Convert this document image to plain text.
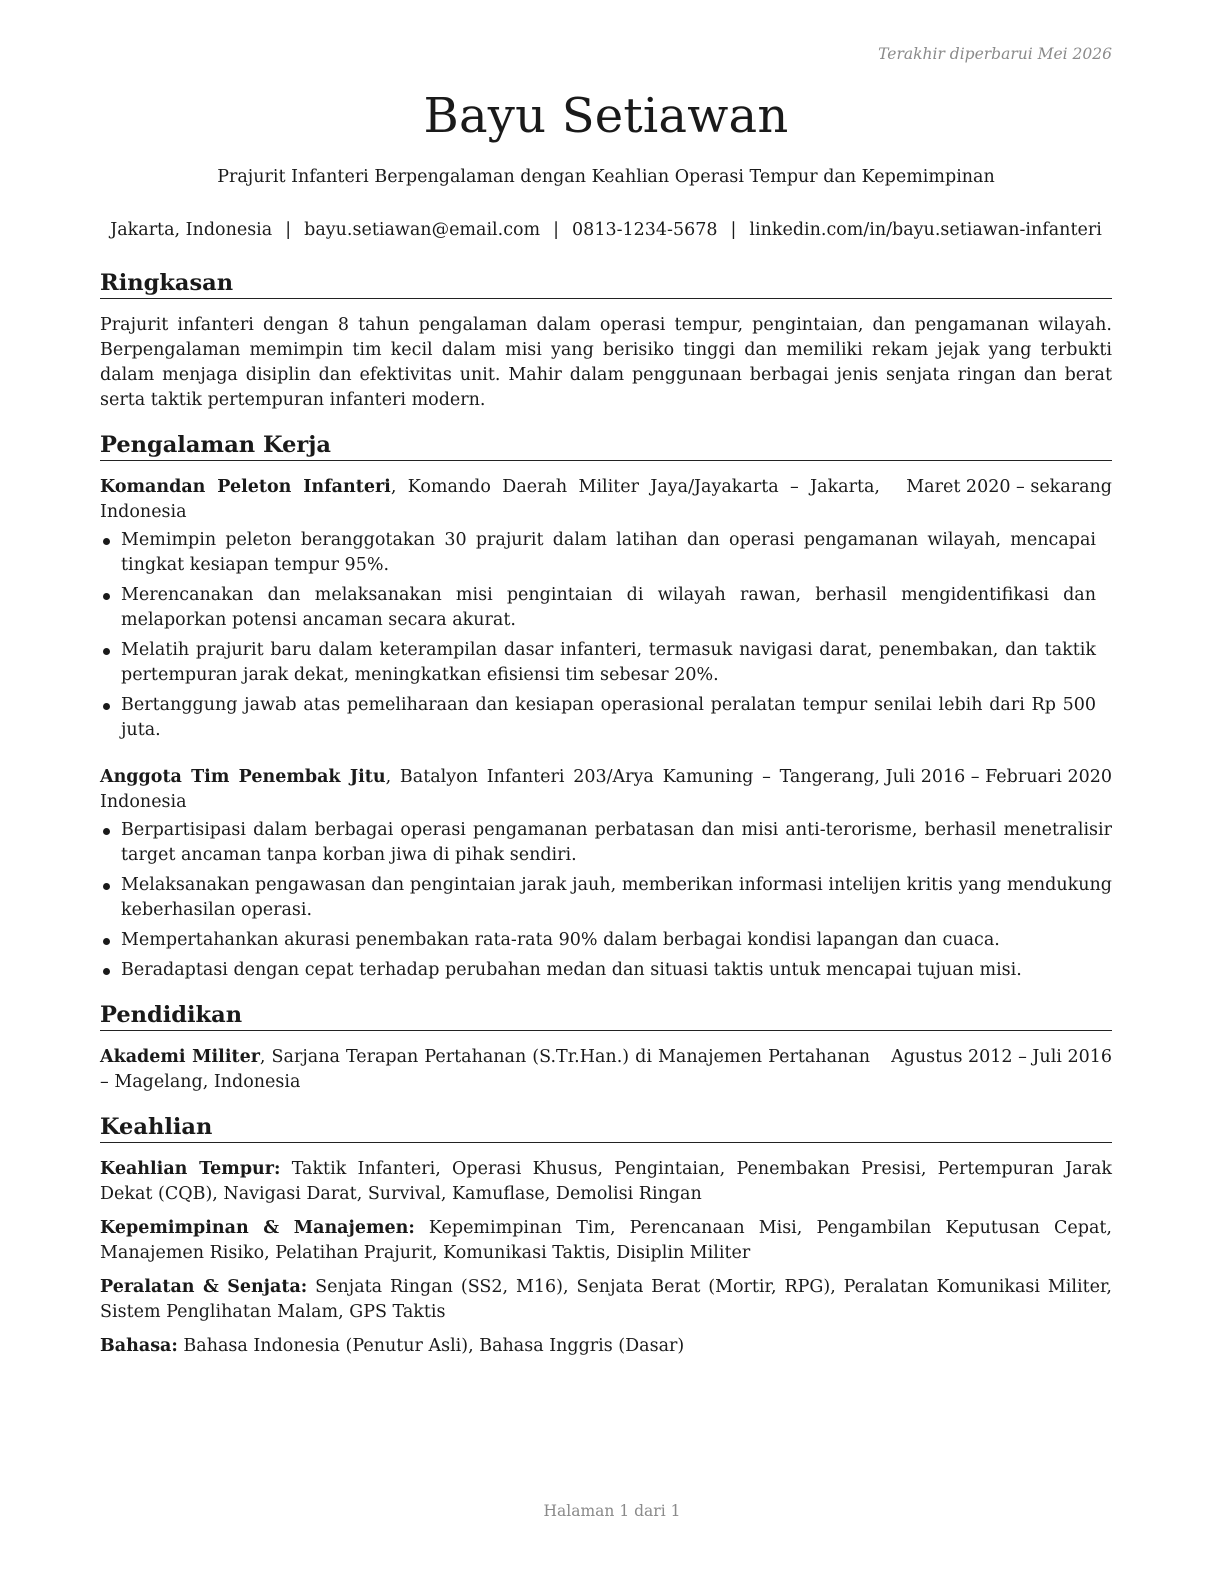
Terakhir diperbarui Mei 2026
Bayu Setiawan
Prajurit Infanteri Berpengalaman dengan Keahlian Operasi Tempur dan Kepemimpinan
Jakarta, Indonesia | bayu.setiawan@email.com | 0813-1234-5678 | linkedin.com/in/bayu.setiawan-infanteri
Ringkasan

Prajurit infanteri dengan 8 tahun pengalaman dalam operasi tempur, pengintaian, dan pengamanan wilayah. Berpengalaman memimpin tim kecil dalam misi yang berisiko tinggi dan memiliki rekam jejak yang terbukti dalam menjaga disiplin dan efektivitas unit. Mahir dalam penggunaan berbagai jenis senjata ringan dan berat serta taktik pertempuran infanteri modern.

Pengalaman Kerja
Komandan Peleton Infanteri, Komando Daerah Militer Jaya/Jayakarta – Jakarta, Indonesia
Maret 2020 – sekarang
Memimpin peleton beranggotakan 30 prajurit dalam latihan dan operasi pengamanan wilayah, mencapai tingkat kesiapan tempur 95%.
Merencanakan dan melaksanakan misi pengintaian di wilayah rawan, berhasil mengidentifikasi dan melaporkan potensi ancaman secara akurat.
Melatih prajurit baru dalam keterampilan dasar infanteri, termasuk navigasi darat, penembakan, dan taktik pertempuran jarak dekat, meningkatkan efisiensi tim sebesar 20%.
Bertanggung jawab atas pemeliharaan dan kesiapan operasional peralatan tempur senilai lebih dari Rp 500 juta.
Anggota Tim Penembak Jitu, Batalyon Infanteri 203/Arya Kamuning – Tangerang, Indonesia
Juli 2016 – Februari 2020
Berpartisipasi dalam berbagai operasi pengamanan perbatasan dan misi anti-terorisme, berhasil menetralisir target ancaman tanpa korban jiwa di pihak sendiri.
Melaksanakan pengawasan dan pengintaian jarak jauh, memberikan informasi intelijen kritis yang mendukung keberhasilan operasi.
Mempertahankan akurasi penembakan rata-rata 90% dalam berbagai kondisi lapangan dan cuaca.
Beradaptasi dengan cepat terhadap perubahan medan dan situasi taktis untuk mencapai tujuan misi.
Pendidikan
Akademi Militer, Sarjana Terapan Pertahanan (S.Tr.Han.) di Manajemen Pertahanan – Magelang, Indonesia
Agustus 2012 – Juli 2016
Keahlian

Keahlian Tempur: Taktik Infanteri, Operasi Khusus, Pengintaian, Penembakan Presisi, Pertempuran Jarak Dekat (CQB), Navigasi Darat, Survival, Kamuflase, Demolisi Ringan

Kepemimpinan & Manajemen: Kepemimpinan Tim, Perencanaan Misi, Pengambilan Keputusan Cepat, Manajemen Risiko, Pelatihan Prajurit, Komunikasi Taktis, Disiplin Militer

Peralatan & Senjata: Senjata Ringan (SS2, M16), Senjata Berat (Mortir, RPG), Peralatan Komunikasi Militer, Sistem Penglihatan Malam, GPS Taktis

Bahasa: Bahasa Indonesia (Penutur Asli), Bahasa Inggris (Dasar)

Halaman 1 dari 1
